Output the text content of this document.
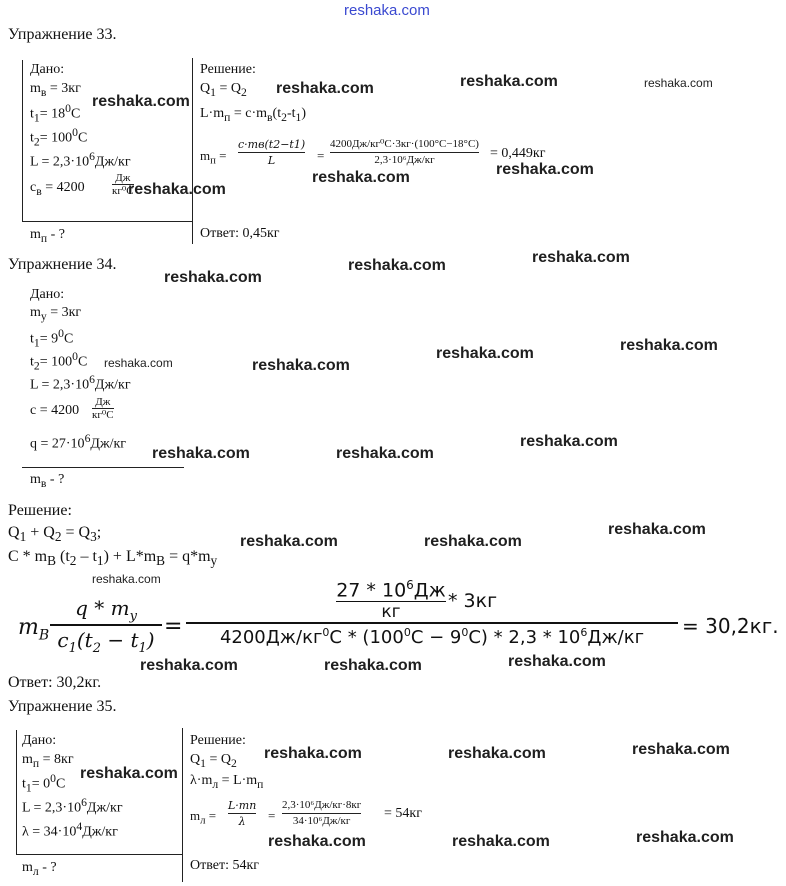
reshaka.com
Упражнение 33.
Дано:
$m_в = 3кг$
$t_1= 18^0C$
$t_2= 100^0C$
$L = 2,3\cdot 10^6Дж/кг$
$c_в = 4200$
Дж
кг⁰С
$m_п$ - ?
Решение:
$Q_1 = Q_2$
$L\cdot m_п = c\cdot m_в(t_2-t_1)$
$m_п$ =
c·mв(t2−t1)
L	=
4200Дж/кг⁰С·3кг·(100°C−18°C)
2,3·10⁶Дж/кг	= 0,449кг
Ответ: 0,45кг
Упражнение 34.
Дано:
$m_у = 3кг$
$t_1= 9^0C$
$t_2= 100^0C$
$L = 2,3\cdot 10^6Дж/кг$
c = 4200
Дж
кг⁰С
$q = 27\cdot 10^6Дж/кг$
$m_в$ - ?
Решение:
$Q_1 + Q_2 = Q_3$;
C * $m_B$ $(t_2 - t_1) + L*m_B = q*m_y$
$m_B$
q * $m_y$
$c_1(t_2 - t_1)$
=
$27 * 10^6Дж$
кг
* 3кг
$4200Дж/кг^0С * (100^0С - 9^0С) * 2,3 * 10^6Дж/кг$	= 30,2кг.
Ответ: 30,2кг.
Упражнение 35.
Дано:
$m_п = 8кг$
$t_1= 0^0C$
$L = 2,3\cdot 10^6Дж/кг$
$\lambda = 34\cdot 10^4Дж/кг$
$m_л$ - ?
Решение:
$Q_1 = Q_2$
$\lambda\cdot m_л = L\cdot m_п$
$m_л$ =
L·mп
λ	=
2,3·10⁶Дж/кг·8кг
34·10⁶Дж/кг	= 54кг
Ответ: 54кг
reshaka.com	reshaka.com	reshaka.com
reshaka.com
reshaka.com	reshaka.com
reshaka.com
reshaka.com	reshaka.com
reshaka.com
reshaka.com	reshaka.com
reshaka.com
reshaka.com
reshaka.com
reshaka.com
reshaka.com
reshaka.com
reshaka.com
reshaka.com
reshaka.com
reshaka.com
reshaka.com
reshaka.com
reshaka.com
reshaka.com
reshaka.com
reshaka.com
reshaka.com
reshaka.com
reshaka.com
